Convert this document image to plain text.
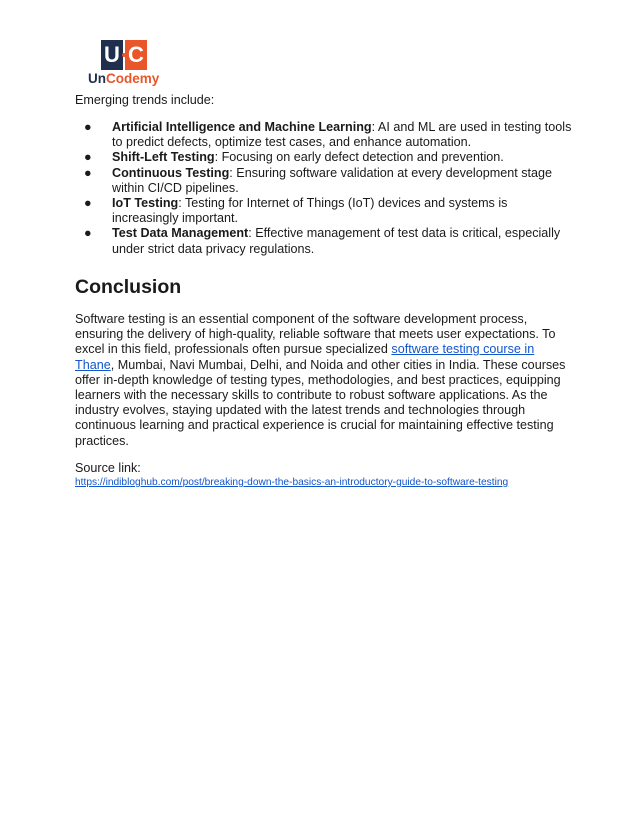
U C
UnCodemy
Emerging trends include:
● Artificial Intelligence and Machine Learning: AI and ML are used in testing tools to predict defects, optimize test cases, and enhance automation.
● Shift-Left Testing: Focusing on early defect detection and prevention.
● Continuous Testing: Ensuring software validation at every development stage within CI/CD pipelines.
● IoT Testing: Testing for Internet of Things (IoT) devices and systems is increasingly important.
● Test Data Management: Effective management of test data is critical, especially under strict data privacy regulations.
Conclusion

Software testing is an essential component of the software development process, ensuring the delivery of high-quality, reliable software that meets user expectations. To excel in this field, professionals often pursue specialized software testing course in Thane, Mumbai, Navi Mumbai, Delhi, and Noida and other cities in India. These courses offer in-depth knowledge of testing types, methodologies, and best practices, equipping learners with the necessary skills to contribute to robust software applications. As the industry evolves, staying updated with the latest trends and technologies through continuous learning and practical experience is crucial for maintaining effective testing practices.

Source link:
https://indibloghub.com/post/breaking-down-the-basics-an-introductory-guide-to-software-testing
